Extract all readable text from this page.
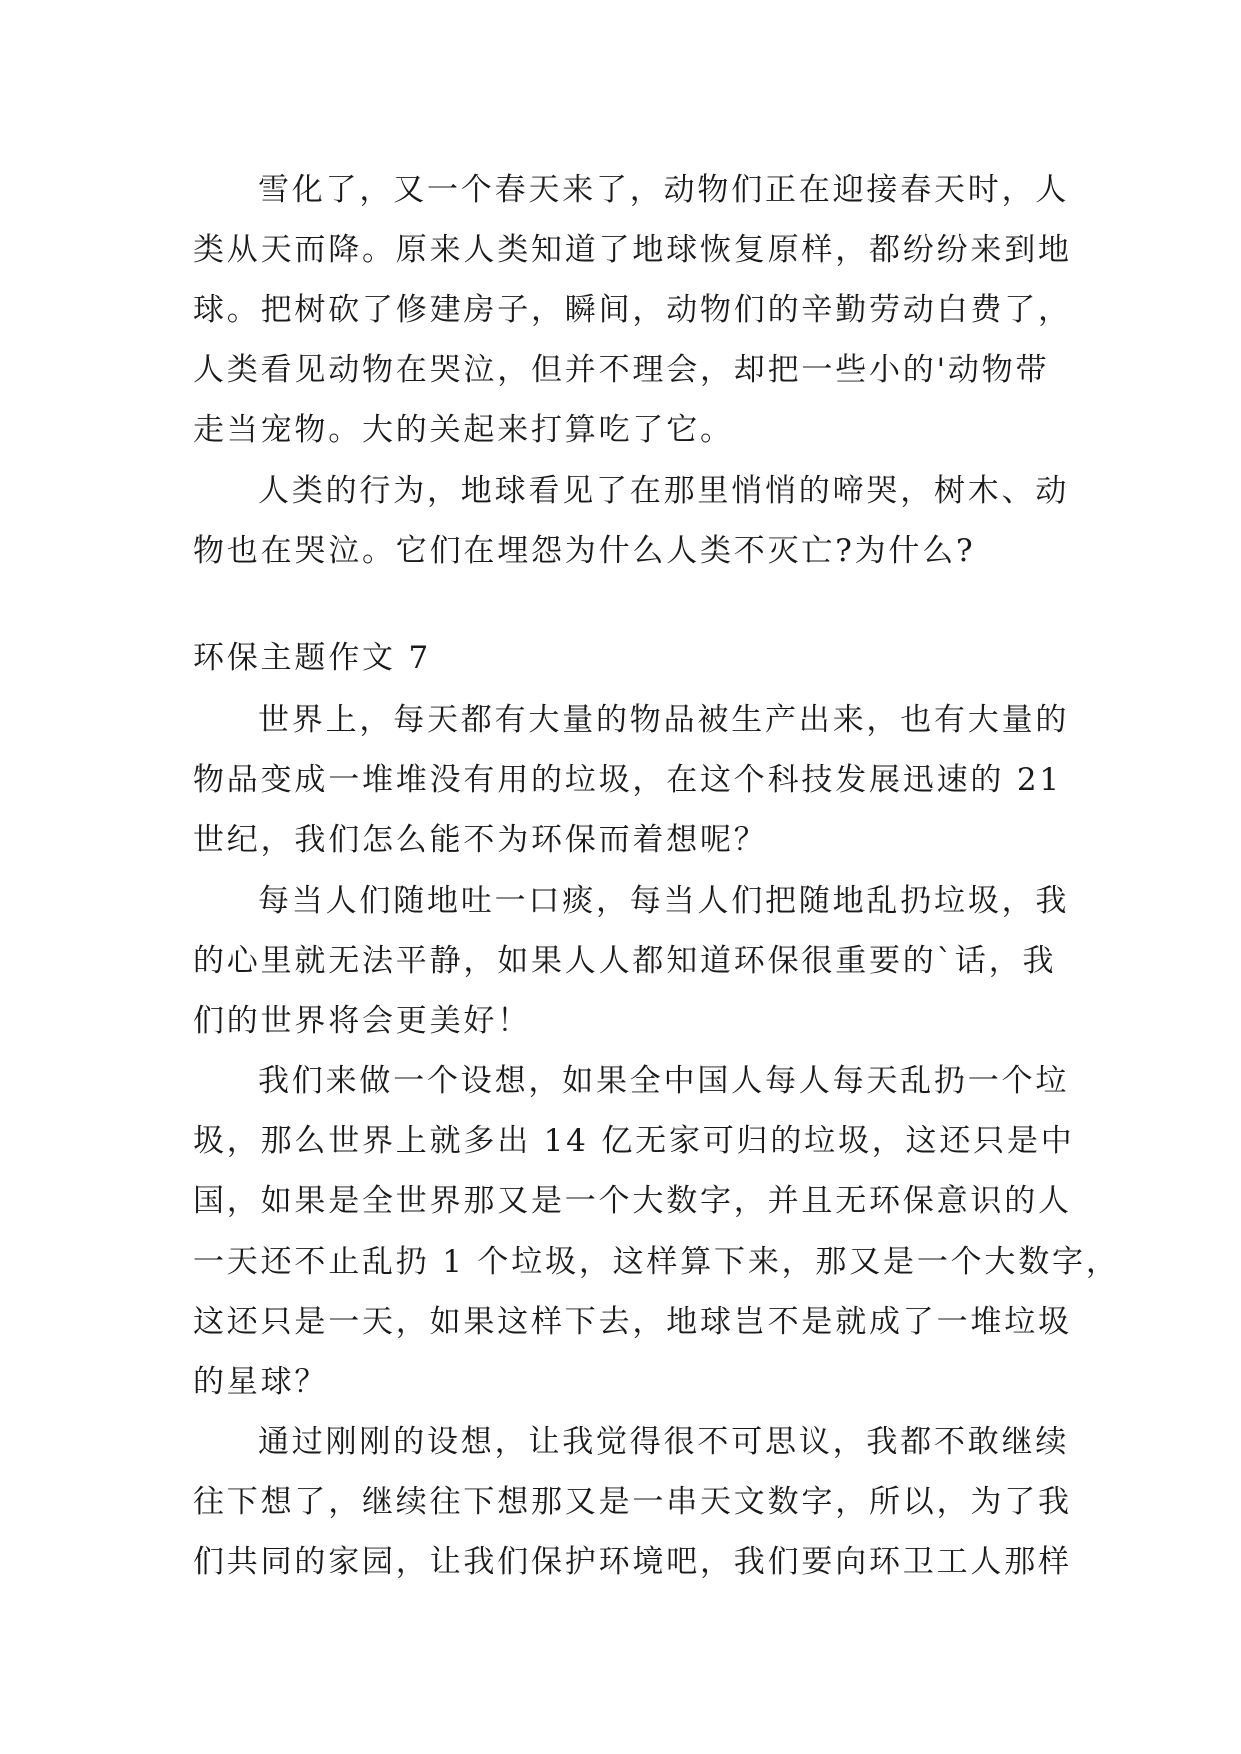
雪化了，又一个春天来了，动物们正在迎接春天时，人
类从天而降。原来人类知道了地球恢复原样，都纷纷来到地
球。把树砍了修建房子，瞬间，动物们的辛勤劳动白费了，
人类看见动物在哭泣，但并不理会，却把一些小的'动物带
走当宠物。大的关起来打算吃了它。
人类的行为，地球看见了在那里悄悄的啼哭，树木、动
物也在哭泣。它们在埋怨为什么人类不灭亡?为什么?
环保主题作文 7
世界上，每天都有大量的物品被生产出来，也有大量的
物品变成一堆堆没有用的垃圾，在这个科技发展迅速的 21
世纪，我们怎么能不为环保而着想呢？
每当人们随地吐一口痰，每当人们把随地乱扔垃圾，我
的心里就无法平静，如果人人都知道环保很重要的`话，我
们的世界将会更美好！
我们来做一个设想，如果全中国人每人每天乱扔一个垃
圾，那么世界上就多出 14 亿无家可归的垃圾，这还只是中
国，如果是全世界那又是一个大数字，并且无环保意识的人
一天还不止乱扔 1 个垃圾，这样算下来，那又是一个大数字，
这还只是一天，如果这样下去，地球岂不是就成了一堆垃圾
的星球？
通过刚刚的设想，让我觉得很不可思议，我都不敢继续
往下想了，继续往下想那又是一串天文数字，所以，为了我
们共同的家园，让我们保护环境吧，我们要向环卫工人那样
